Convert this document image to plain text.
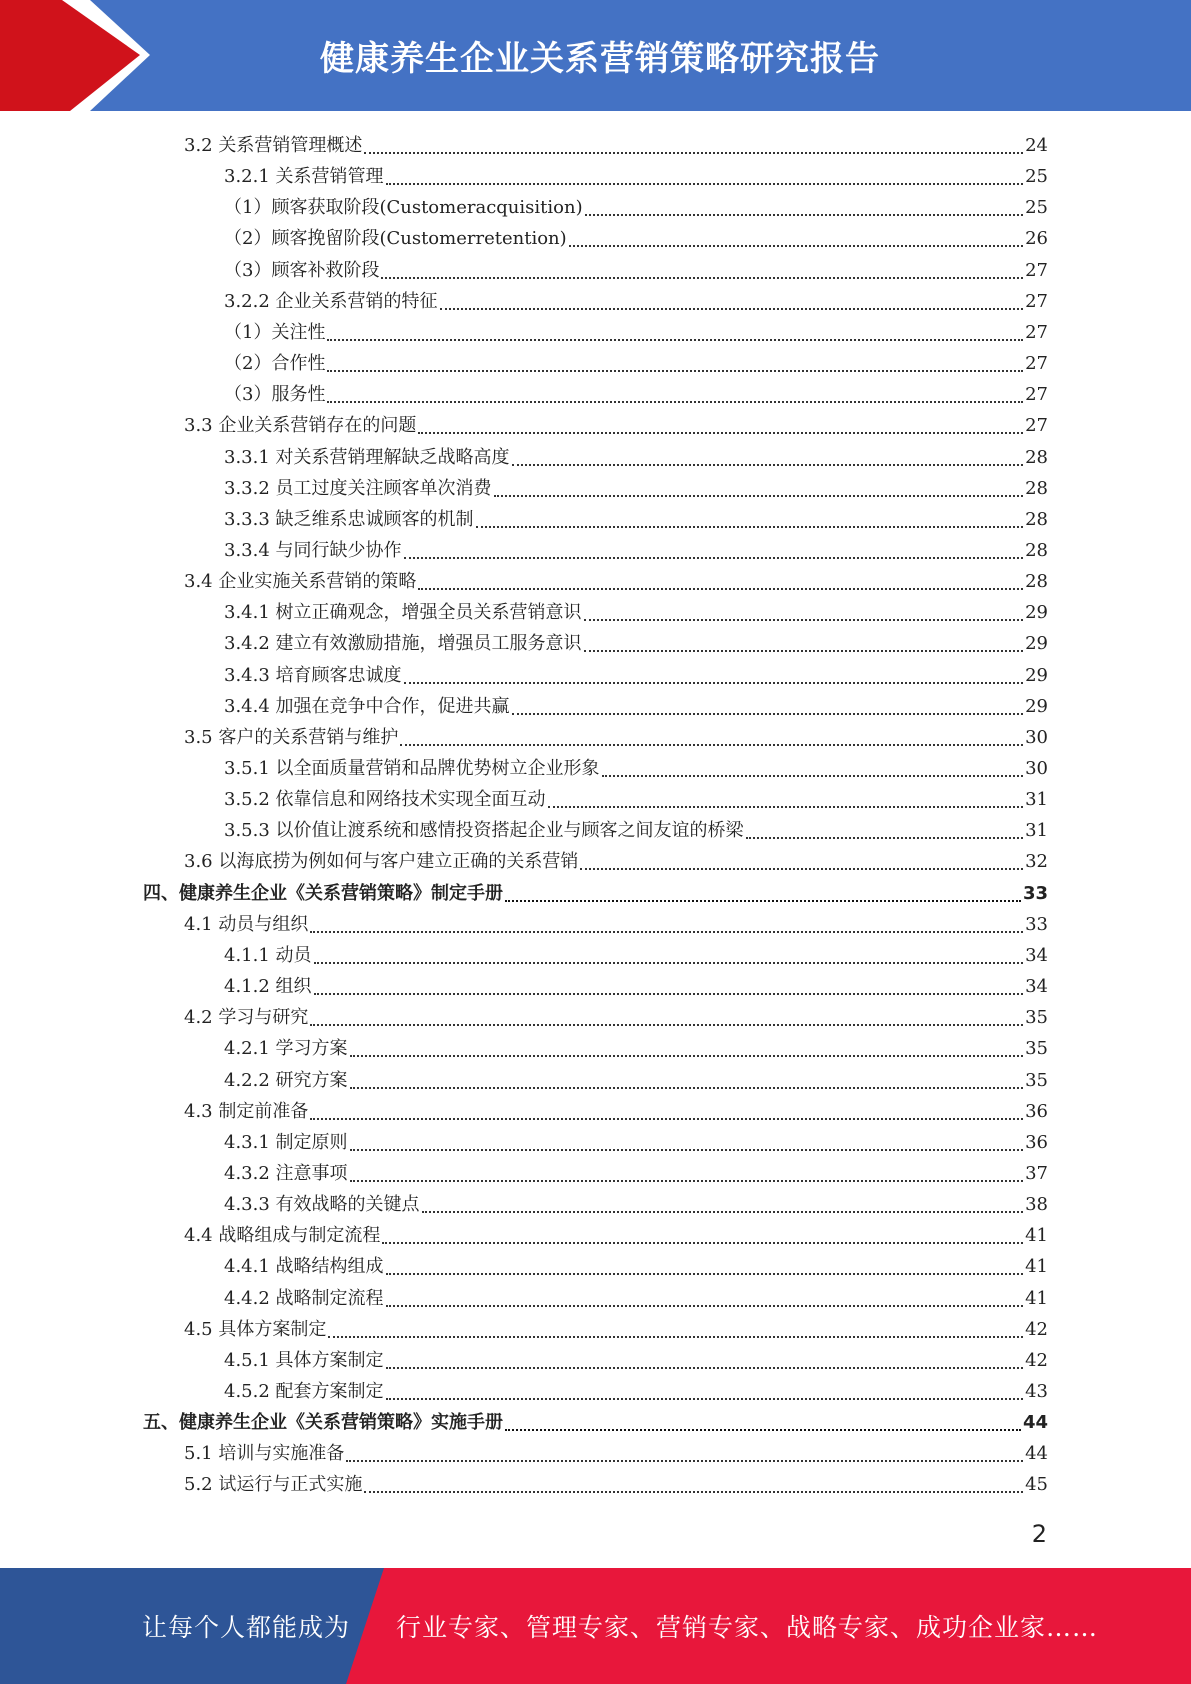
健康养生企业关系营销策略研究报告
3.2 关系营销管理概述	24
3.2.1 关系营销管理	25
（1）顾客获取阶段(Customeracquisition)	25
（2）顾客挽留阶段(Customerretention)	26
（3）顾客补救阶段	27
3.2.2 企业关系营销的特征	27
（1）关注性	27
（2）合作性	27
（3）服务性	27
3.3 企业关系营销存在的问题	27
3.3.1 对关系营销理解缺乏战略高度	28
3.3.2 员工过度关注顾客单次消费	28
3.3.3 缺乏维系忠诚顾客的机制	28
3.3.4 与同行缺少协作	28
3.4 企业实施关系营销的策略	28
3.4.1 树立正确观念，增强全员关系营销意识	29
3.4.2 建立有效激励措施，增强员工服务意识	29
3.4.3 培育顾客忠诚度	29
3.4.4 加强在竞争中合作，促进共赢	29
3.5 客户的关系营销与维护	30
3.5.1 以全面质量营销和品牌优势树立企业形象	30
3.5.2 依靠信息和网络技术实现全面互动	31
3.5.3 以价值让渡系统和感情投资搭起企业与顾客之间友谊的桥梁	31
3.6 以海底捞为例如何与客户建立正确的关系营销	32
四、健康养生企业《关系营销策略》制定手册	33
4.1 动员与组织	33
4.1.1 动员	34
4.1.2 组织	34
4.2 学习与研究	35
4.2.1 学习方案	35
4.2.2 研究方案	35
4.3 制定前准备	36
4.3.1 制定原则	36
4.3.2 注意事项	37
4.3.3 有效战略的关键点	38
4.4 战略组成与制定流程	41
4.4.1 战略结构组成	41
4.4.2 战略制定流程	41
4.5 具体方案制定	42
4.5.1 具体方案制定	42
4.5.2 配套方案制定	43
五、健康养生企业《关系营销策略》实施手册	44
5.1 培训与实施准备	44
5.2 试运行与正式实施	45
2
让每个人都能成为 行业专家、管理专家、营销专家、战略专家、成功企业家……
